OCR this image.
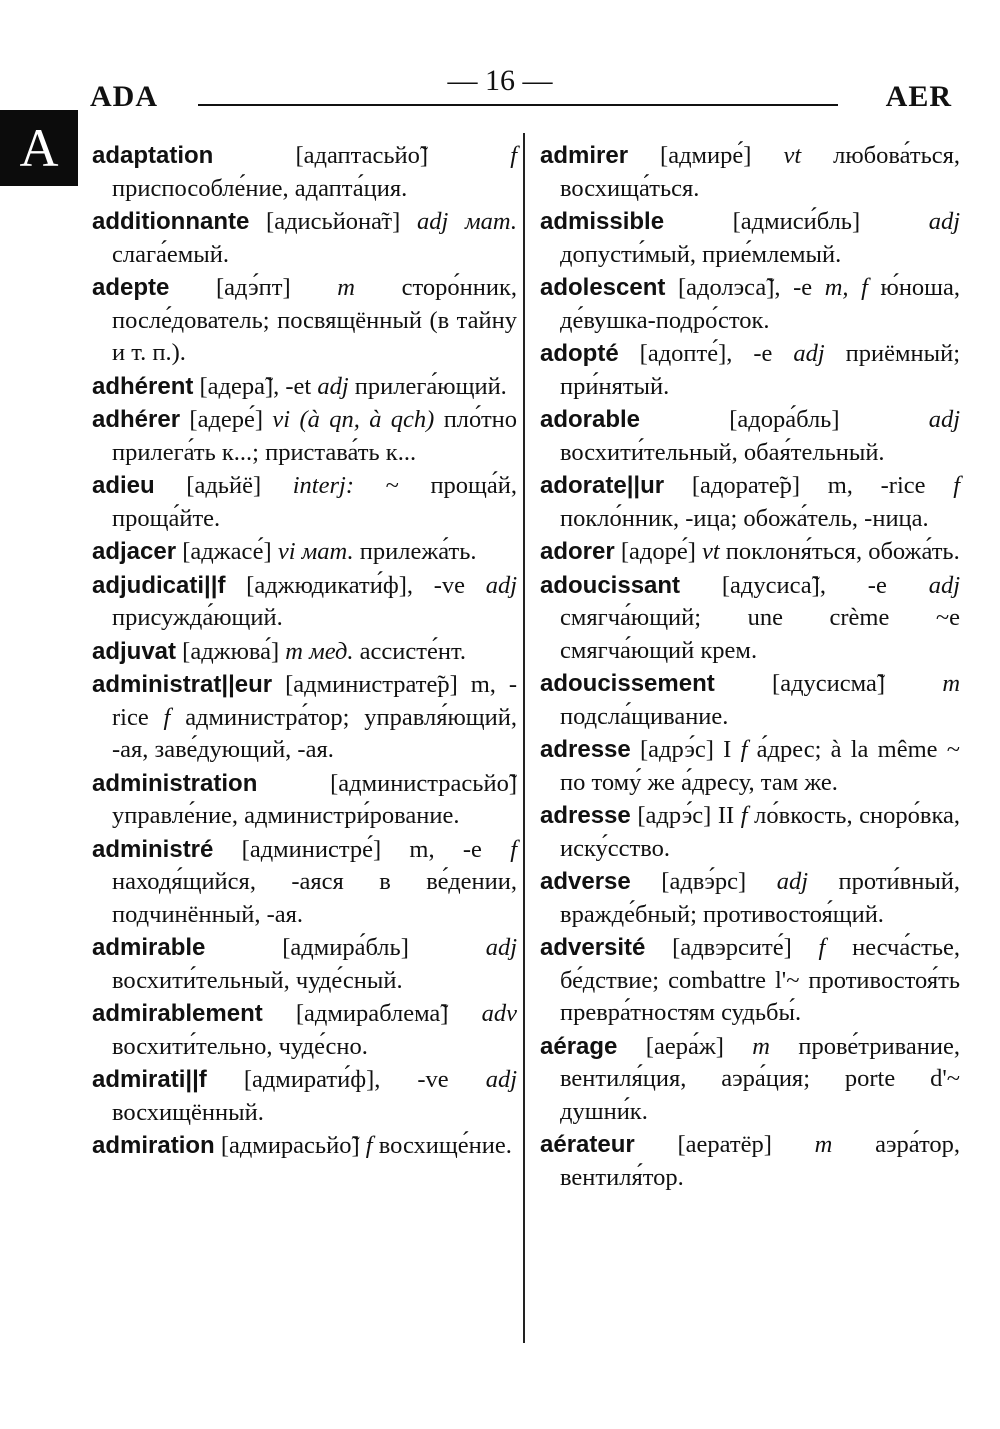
— 16 —
ADA	AER
A	adaptation	[адаптасьйо̃]	f приспособле́ние, адапта́ция.
additionnante [адисьйона̃т] adj мат. слага́емый.
adepte [адэ́пт] m сторо́нник, после́дователь; посвящённый (в тайну и т. п.).
adhérent [адера̃], -et adj прилега́ющий.
adhérer [адере́] vi (à qn, à qch) пло́тно прилега́ть к...; пристава́ть к...
adieu [адьйё] interj: ~ проща́й, проща́йте.
adjacer [аджасе́] vi мат. прилежа́ть.
adjudicati||f [аджюдикати́ф], -ve adj присужда́ющий.
adjuvat [аджюва́] m мед. ассисте́нт.
administrat||eur [администрате̃р] m, -rice f администра́тор; управля́ющий, -ая, заве́дующий, -ая.
administration	[администрасьйо̃] управле́ние, администри́рование.
administré [администре́] m, -e f находя́щийся, -аяся в ве́дении, подчинённый, -ая.
admirable	[адмира́бль]	adj восхити́тельный, чуде́сный.
admirablement [адмираблема̃] adv восхити́тельно, чуде́сно.
admirati||f [адмирати́ф], -ve adj восхищённый.
admiration [адмирасьйо̃] f восхище́ние.
admirer [адмире́] vt любова́ться, восхища́ться.
admissible	[адмиси́бль]	adj допусти́мый, прие́млемый.
adolescent [адолэса̃], -e m, f ю́ноша, де́вушка-подро́сток.
adopté [адопте́], -e adj приёмный; при́нятый.
adorable	[адора́бль]	adj восхити́тельный, обая́тельный.
adorate||ur [адорате̃р] m, -rice f покло́нник, -ица; обожа́тель, -ница.
adorer [адоре́] vt поклоня́ться, обожа́ть.
adoucissant [адусиса̃], -e adj смягча́ющий; une crème ~e смягча́ющий крем.
adoucissement [адусисма̃] m подсла́щивание.
adresse [адрэ́с] I f а́дрес; à la même ~ по тому́ же а́дресу, там же.
adresse [адрэ́с] II f ло́вкость, сноро́вка, иску́сство.
adverse [адвэ́рс] adj проти́вный, вражде́бный; противостоя́щий.
adversité [адвэрсите́] f несча́стье, бе́дствие; combattre l'~ противостоя́ть превра́тностям судьбы́.
aérage [аера́ж] m прове́тривание, вентиля́ция, аэра́ция; porte d'~ душни́к.
aérateur [аератёр] m аэра́тор, вентиля́тор.
